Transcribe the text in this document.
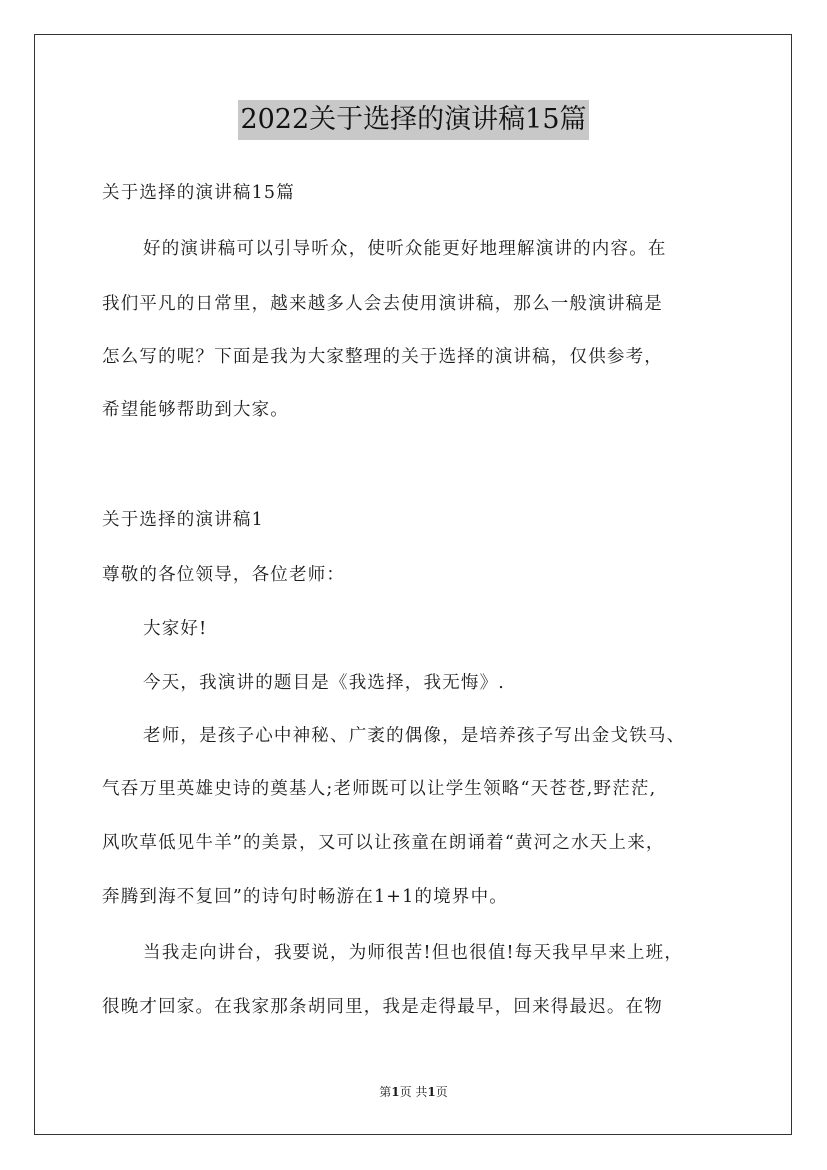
2022关于选择的演讲稿15篇
关于选择的演讲稿15篇
好的演讲稿可以引导听众，使听众能更好地理解演讲的内容。在
我们平凡的日常里，越来越多人会去使用演讲稿，那么一般演讲稿是
怎么写的呢？下面是我为大家整理的关于选择的演讲稿，仅供参考，
希望能够帮助到大家。
关于选择的演讲稿1
尊敬的各位领导，各位老师：
大家好!
今天，我演讲的题目是《我选择，我无悔》.
老师，是孩子心中神秘、广袤的偶像，是培养孩子写出金戈铁马、
气吞万里英雄史诗的奠基人;老师既可以让学生领略“天苍苍,野茫茫,
风吹草低见牛羊”的美景，又可以让孩童在朗诵着“黄河之水天上来，
奔腾到海不复回”的诗句时畅游在1+1的境界中。
当我走向讲台，我要说，为师很苦!但也很值!每天我早早来上班，
很晚才回家。在我家那条胡同里，我是走得最早，回来得最迟。在物
第1页 共1页
